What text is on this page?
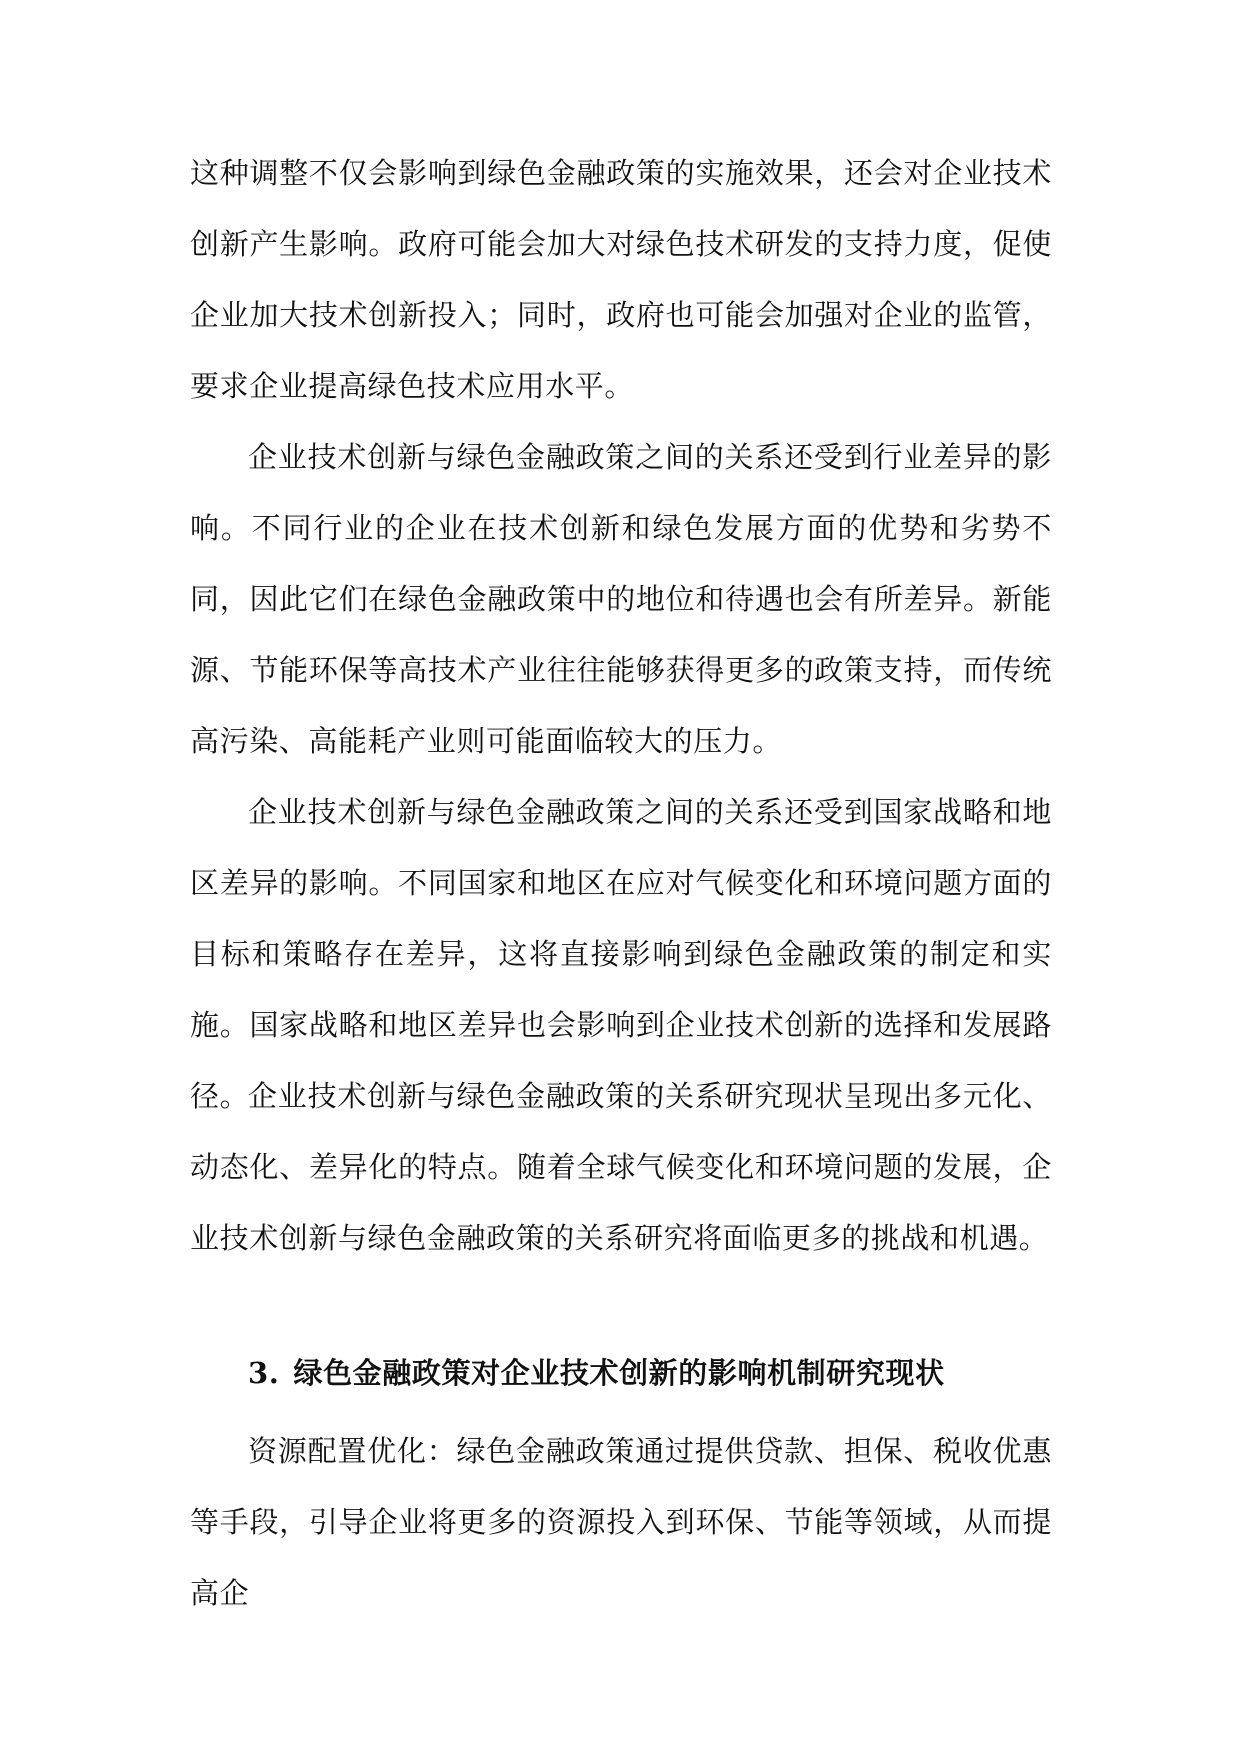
这种调整不仅会影响到绿色金融政策的实施效果，还会对企业技术创新产生影响。政府可能会加大对绿色技术研发的支持力度，促使企业加大技术创新投入；同时，政府也可能会加强对企业的监管，要求企业提高绿色技术应用水平。

企业技术创新与绿色金融政策之间的关系还受到行业差异的影响。不同行业的企业在技术创新和绿色发展方面的优势和劣势不同，因此它们在绿色金融政策中的地位和待遇也会有所差异。新能源、节能环保等高技术产业往往能够获得更多的政策支持，而传统高污染、高能耗产业则可能面临较大的压力。

企业技术创新与绿色金融政策之间的关系还受到国家战略和地区差异的影响。不同国家和地区在应对气候变化和环境问题方面的目标和策略存在差异，这将直接影响到绿色金融政策的制定和实施。国家战略和地区差异也会影响到企业技术创新的选择和发展路径。

企业技术创新与绿色金融政策的关系研究现状呈现出多元化、动态化、差异化的特点。随着全球气候变化和环境问题的发展，企业技术创新与绿色金融政策的关系研究将面临更多的挑战和机遇。

3. 绿色金融政策对企业技术创新的影响机制研究现状

资源配置优化：绿色金融政策通过提供贷款、担保、税收优惠等手段，引导企业将更多的资源投入到环保、节能等领域，从而提高企
